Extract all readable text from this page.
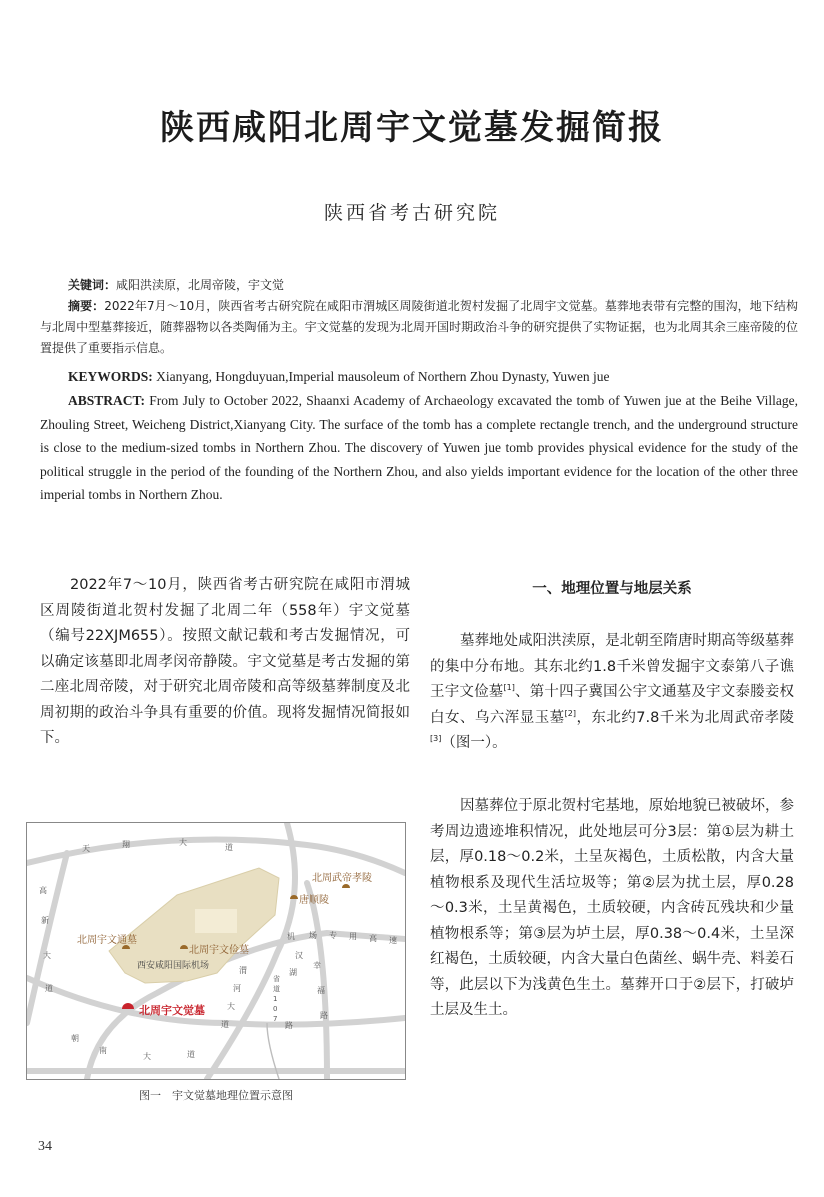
陕西咸阳北周宇文觉墓发掘简报
陕西省考古研究院
关键词：咸阳洪渎原，北周帝陵，宇文觉
摘要：2022年7月～10月，陕西省考古研究院在咸阳市渭城区周陵街道北贺村发掘了北周宇文觉墓。墓葬地表带有完整的围沟，地下结构与北周中型墓葬接近，随葬器物以各类陶俑为主。宇文觉墓的发现为北周开国时期政治斗争的研究提供了实物证据，也为北周其余三座帝陵的位置提供了重要指示信息。
KEYWORDS: Xianyang, Hongduyuan,Imperial mausoleum of Northern Zhou Dynasty, Yuwen jue
ABSTRACT: From July to October 2022, Shaanxi Academy of Archaeology excavated the tomb of Yuwen jue at the Beihe Village, Zhouling Street, Weicheng District,Xianyang City. The surface of the tomb has a complete rectangle trench, and the underground structure is close to the medium-sized tombs in Northern Zhou. The discovery of Yuwen jue tomb provides physical evidence for the study of the political struggle in the period of the founding of the Northern Zhou, and also yields important evidence for the location of the other three imperial tombs in Northern Zhou.
2022年7～10月，陕西省考古研究院在咸阳市渭城区周陵街道北贺村发掘了北周二年（558年）宇文觉墓（编号22XJM655）。按照文献记载和考古发掘情况，可以确定该墓即北周孝闵帝静陵。宇文觉墓是考古发掘的第二座北周帝陵，对于研究北周帝陵和高等级墓葬制度及北周初期的政治斗争具有重要的价值。现将发掘情况简报如下。
一、地理位置与地层关系
墓葬地处咸阳洪渎原，是北朝至隋唐时期高等级墓葬的集中分布地。其东北约1.8千米曾发掘宇文泰第八子谯王宇文俭墓[1]、第十四子冀国公宇文通墓及宇文泰媵妾权白女、乌六浑显玉墓[2]，东北约7.8千米为北周武帝孝陵[3]（图一）。
因墓葬位于原北贺村宅基地，原始地貌已被破坏，参考周边遗迹堆积情况，此处地层可分3层：第①层为耕土层，厚0.18～0.2米，土呈灰褐色，土质松散，内含大量植物根系及现代生活垃圾等；第②层为扰土层，厚0.28～0.3米，土呈黄褐色，土质较硬，内含砖瓦残块和少量植物根系等；第③层为垆土层，厚0.38～0.4米，土呈深红褐色，土质较硬，内含大量白色菌丝、蜗牛壳、料姜石等，此层以下为浅黄色生土。墓葬开口于②层下，打破垆土层及生土。
北周武帝孝陵
唐顺陵
北周宇文通墓
北周宇文俭墓
西安咸阳国际机场
北周宇文觉墓
天	翔	大
道
高
新
大
道
机 场 专 用 高 速
幸
福
路
省
道
1
0
7
渭
河
大
道
汉
湖
路
朝
南
大	道
图一　宇文觉墓地理位置示意图
34
